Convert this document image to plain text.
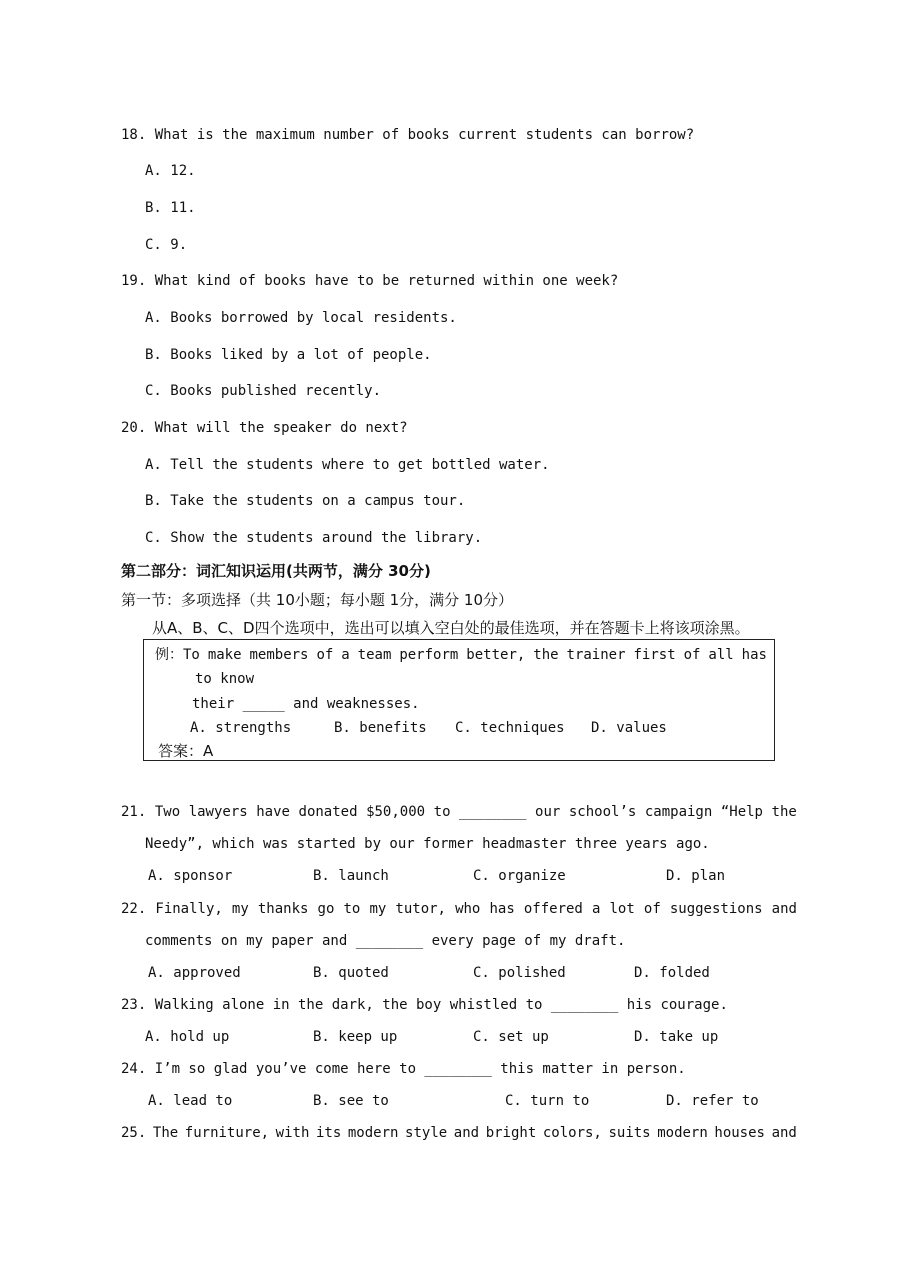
18. What is the maximum number of books current students can borrow?
A. 12.
B. 11.
C. 9.
19. What kind of books have to be returned within one week?
A. Books borrowed by local residents.
B. Books liked by a lot of people.
C. Books published recently.
20. What will the speaker do next?
A. Tell the students where to get bottled water.
B. Take the students on a campus tour.
C. Show the students around the library.
第二部分：词汇知识运用(共两节，满分 30分)
第一节：多项选择（共 10小题；每小题 1分，满分 10分）
从A、B、C、D四个选项中，选出可以填入空白处的最佳选项，并在答题卡上将该项涂黑。
例：To make members of a team perform better, the trainer first of all has
to know
their _____ and weaknesses.
A. strengths	B. benefits C. techniques D. values
答案：A
21. Two lawyers have donated $50,000 to ________ our school’s campaign “Help the
Needy”, which was started by our former headmaster three years ago.
A. sponsor	B. launch	C. organize	D. plan
22. Finally, my thanks go to my tutor, who has offered a lot of suggestions and
comments on my paper and ________ every page of my draft.
A. approved	B. quoted	C. polished	D. folded
23. Walking alone in the dark, the boy whistled to ________ his courage.
A. hold up	B. keep up	C. set up	D. take up
24. I’m so glad you’ve come here to ________ this matter in person.
A. lead to	B. see to	C. turn to	D. refer to
25. The furniture, with its modern style and bright colors, suits modern houses and
